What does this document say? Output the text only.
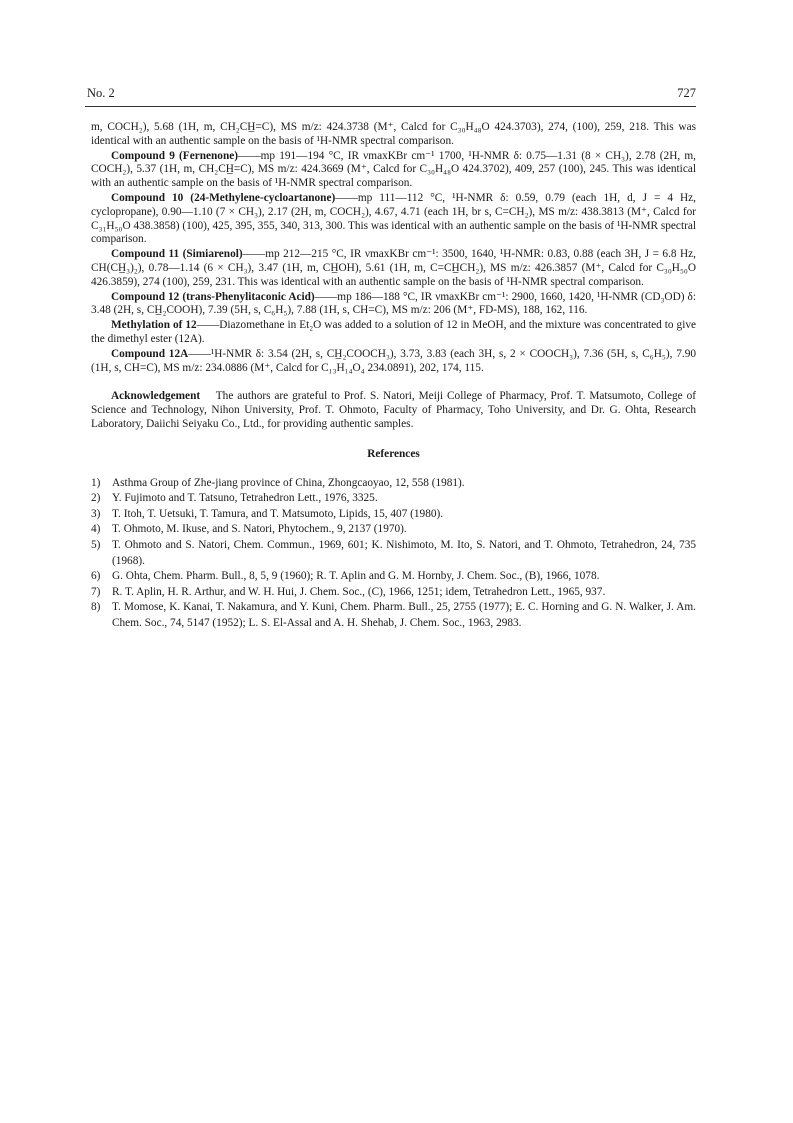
No. 2	727

m, COCH₂), 5.68 (1H, m, CH₂CH̲=C), MS m/z: 424.3738 (M⁺, Calcd for C₃₀H₄₈O 424.3703), 274, (100), 259, 218. This was identical with an authentic sample on the basis of ¹H-NMR spectral comparison.

Compound 9 (Fernenone)——mp 191—194 °C, IR νmaxKBr cm⁻¹ 1700, ¹H-NMR δ: 0.75—1.31 (8 × CH₃), 2.78 (2H, m, COCH₂), 5.37 (1H, m, CH₂CH̲=C), MS m/z: 424.3669 (M⁺, Calcd for C₃₀H₄₈O 424.3702), 409, 257 (100), 245. This was identical with an authentic sample on the basis of ¹H-NMR spectral comparison.

Compound 10 (24-Methylene-cycloartanone)——mp 111—112 °C, ¹H-NMR δ: 0.59, 0.79 (each 1H, d, J = 4 Hz, cyclopropane), 0.90—1.10 (7 × CH₃), 2.17 (2H, m, COCH₂), 4.67, 4.71 (each 1H, br s, C=CH₂), MS m/z: 438.3813 (M⁺, Calcd for C₃₁H₅₀O 438.3858) (100), 425, 395, 355, 340, 313, 300. This was identical with an authentic sample on the basis of ¹H-NMR spectral comparison.

Compound 11 (Simiarenol)——mp 212—215 °C, IR νmaxKBr cm⁻¹: 3500, 1640, ¹H-NMR: 0.83, 0.88 (each 3H, J = 6.8 Hz, CH(CH̲₃)₂), 0.78—1.14 (6 × CH₃), 3.47 (1H, m, CH̲OH), 5.61 (1H, m, C=CH̲CH₂), MS m/z: 426.3857 (M⁺, Calcd for C₃₀H₅₀O 426.3859), 274 (100), 259, 231. This was identical with an authentic sample on the basis of ¹H-NMR spectral comparison.

Compound 12 (trans-Phenylitaconic Acid)——mp 186—188 °C, IR νmaxKBr cm⁻¹: 2900, 1660, 1420, ¹H-NMR (CD₃OD) δ: 3.48 (2H, s, CH̲₂COOH), 7.39 (5H, s, C₆H₅), 7.88 (1H, s, CH=C), MS m/z: 206 (M⁺, FD-MS), 188, 162, 116.

Methylation of 12——Diazomethane in Et₂O was added to a solution of 12 in MeOH, and the mixture was concentrated to give the dimethyl ester (12A).

Compound 12A——¹H-NMR δ: 3.54 (2H, s, CH̲₂COOCH₃), 3.73, 3.83 (each 3H, s, 2 × COOCH₃), 7.36 (5H, s, C₆H₅), 7.90 (1H, s, CH=C), MS m/z: 234.0886 (M⁺, Calcd for C₁₃H₁₄O₄ 234.0891), 202, 174, 115.

Acknowledgement The authors are grateful to Prof. S. Natori, Meiji College of Pharmacy, Prof. T. Matsumoto, College of Science and Technology, Nihon University, Prof. T. Ohmoto, Faculty of Pharmacy, Toho University, and Dr. G. Ohta, Research Laboratory, Daiichi Seiyaku Co., Ltd., for providing authentic samples.

References
1)	Asthma Group of Zhe-jiang province of China, Zhongcaoyao, 12, 558 (1981).
2)	Y. Fujimoto and T. Tatsuno, Tetrahedron Lett., 1976, 3325.
3)	T. Itoh, T. Uetsuki, T. Tamura, and T. Matsumoto, Lipids, 15, 407 (1980).
4)	T. Ohmoto, M. Ikuse, and S. Natori, Phytochem., 9, 2137 (1970).
5)	T. Ohmoto and S. Natori, Chem. Commun., 1969, 601; K. Nishimoto, M. Ito, S. Natori, and T. Ohmoto, Tetrahedron, 24, 735 (1968).
6)	G. Ohta, Chem. Pharm. Bull., 8, 5, 9 (1960); R. T. Aplin and G. M. Hornby, J. Chem. Soc., (B), 1966, 1078.
7)	R. T. Aplin, H. R. Arthur, and W. H. Hui, J. Chem. Soc., (C), 1966, 1251; idem, Tetrahedron Lett., 1965, 937.
8)	T. Momose, K. Kanai, T. Nakamura, and Y. Kuni, Chem. Pharm. Bull., 25, 2755 (1977); E. C. Horning and G. N. Walker, J. Am. Chem. Soc., 74, 5147 (1952); L. S. El-Assal and A. H. Shehab, J. Chem. Soc., 1963, 2983.
